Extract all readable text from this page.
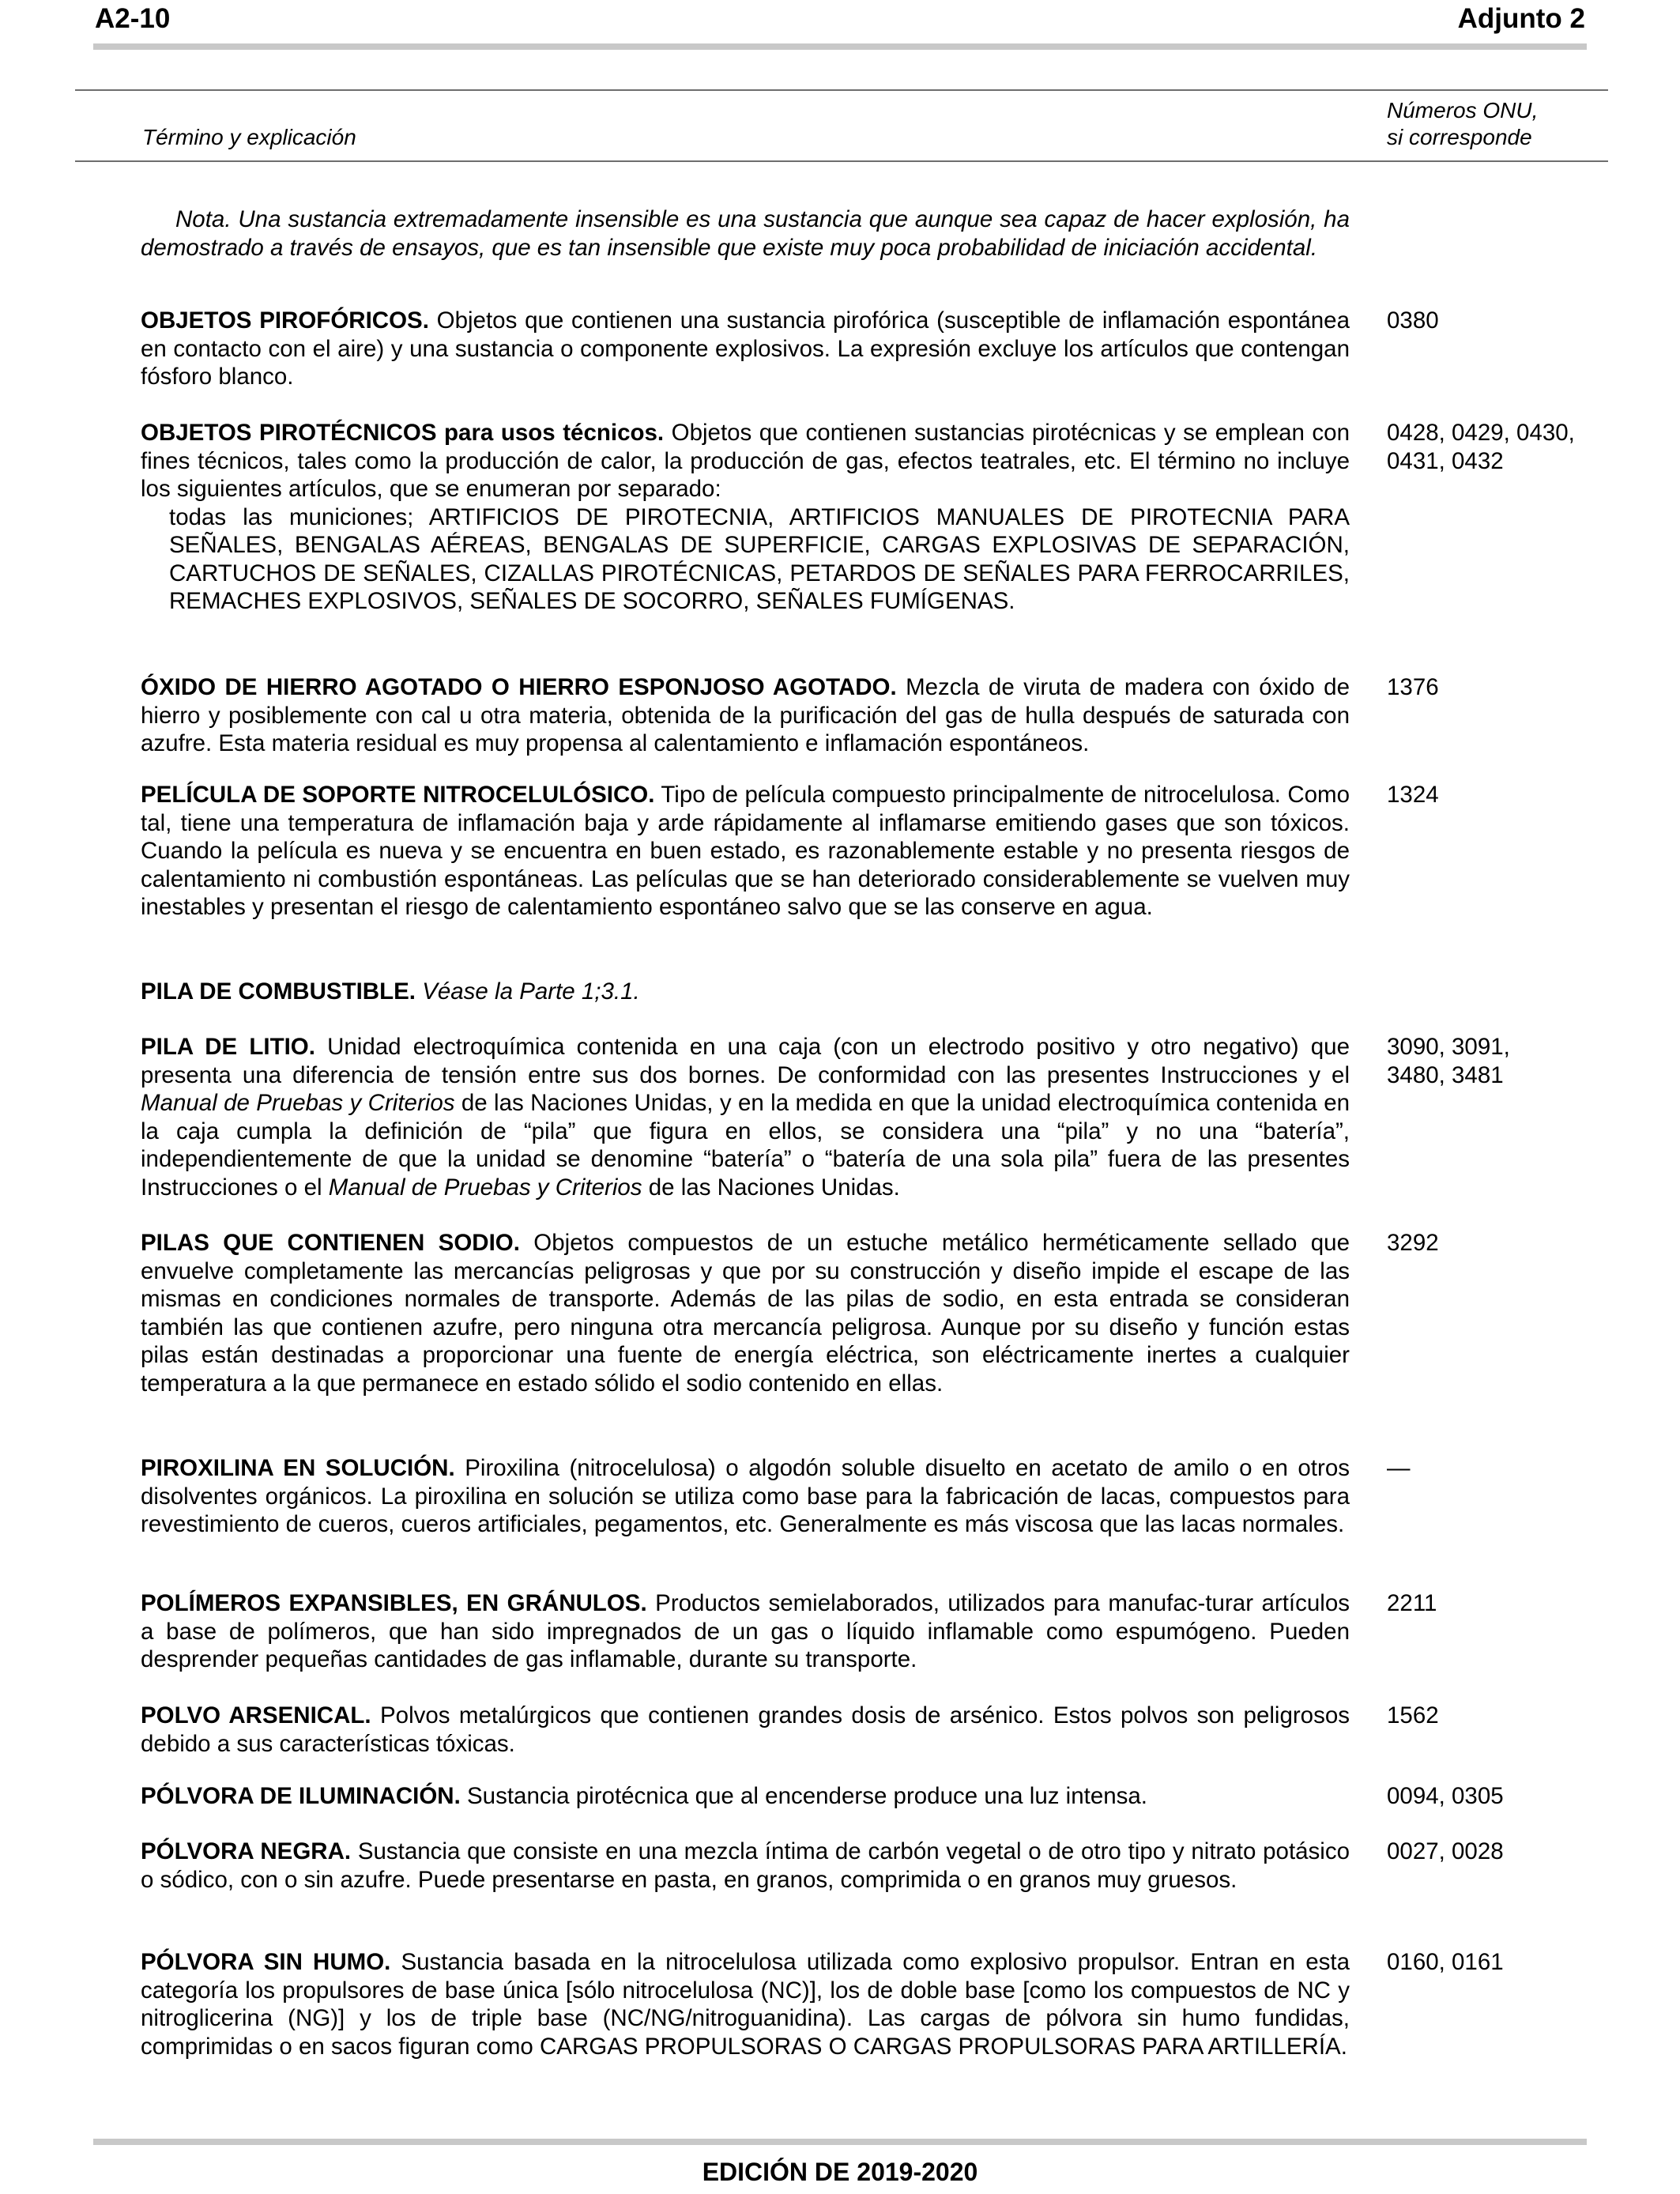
A2-10	Adjunto 2
Término y explicación
Números ONU,
si corresponde

Nota. Una sustancia extremadamente insensible es una sustancia que aunque sea capaz de hacer explosión, ha demostrado a través de ensayos, que es tan insensible que existe muy poca probabilidad de iniciación accidental.

OBJETOS PIROFÓRICOS. Objetos que contienen una sustancia pirofórica (susceptible de inflamación espontánea en contacto con el aire) y una sustancia o componente explosivos. La expresión excluye los artículos que contengan fósforo blanco.

0380

OBJETOS PIROTÉCNICOS para usos técnicos. Objetos que contienen sustancias pirotécnicas y se emplean con fines técnicos, tales como la producción de calor, la producción de gas, efectos teatrales, etc. El término no incluye los siguientes artículos, que se enumeran por separado:
todas las municiones; ARTIFICIOS DE PIROTECNIA, ARTIFICIOS MANUALES DE PIROTECNIA PARA SEÑALES, BENGALAS AÉREAS, BENGALAS DE SUPERFICIE, CARGAS EXPLOSIVAS DE SEPARACIÓN, CARTUCHOS DE SEÑALES, CIZALLAS PIROTÉCNICAS, PETARDOS DE SEÑALES PARA FERROCARRILES, REMACHES EXPLOSIVOS, SEÑALES DE SOCORRO, SEÑALES FUMÍGENAS.

0428, 0429, 0430,
0431, 0432

ÓXIDO DE HIERRO AGOTADO O HIERRO ESPONJOSO AGOTADO. Mezcla de viruta de madera con óxido de hierro y posiblemente con cal u otra materia, obtenida de la purificación del gas de hulla después de saturada con azufre. Esta materia residual es muy propensa al calentamiento e inflamación espontáneos.

1376

PELÍCULA DE SOPORTE NITROCELULÓSICO. Tipo de película compuesto principalmente de nitrocelulosa. Como tal, tiene una temperatura de inflamación baja y arde rápidamente al inflamarse emitiendo gases que son tóxicos. Cuando la película es nueva y se encuentra en buen estado, es razonablemente estable y no presenta riesgos de calentamiento ni combustión espontáneas. Las películas que se han deteriorado considerablemente se vuelven muy inestables y presentan el riesgo de calentamiento espontáneo salvo que se las conserve en agua.

1324

PILA DE COMBUSTIBLE. Véase la Parte 1;3.1.

PILA DE LITIO. Unidad electroquímica contenida en una caja (con un electrodo positivo y otro negativo) que presenta una diferencia de tensión entre sus dos bornes. De conformidad con las presentes Instrucciones y el Manual de Pruebas y Criterios de las Naciones Unidas, y en la medida en que la unidad electroquímica contenida en la caja cumpla la definición de “pila” que figura en ellos, se considera una “pila” y no una “batería”, independientemente de que la unidad se denomine “batería” o “batería de una sola pila” fuera de las presentes Instrucciones o el Manual de Pruebas y Criterios de las Naciones Unidas.

3090, 3091,
3480, 3481

PILAS QUE CONTIENEN SODIO. Objetos compuestos de un estuche metálico herméticamente sellado que envuelve completamente las mercancías peligrosas y que por su construcción y diseño impide el escape de las mismas en condiciones normales de transporte. Además de las pilas de sodio, en esta entrada se consideran también las que contienen azufre, pero ninguna otra mercancía peligrosa. Aunque por su diseño y función estas pilas están destinadas a proporcionar una fuente de energía eléctrica, son eléctricamente inertes a cualquier temperatura a la que permanece en estado sólido el sodio contenido en ellas.

3292

PIROXILINA EN SOLUCIÓN. Piroxilina (nitrocelulosa) o algodón soluble disuelto en acetato de amilo o en otros disolventes orgánicos. La piroxilina en solución se utiliza como base para la fabricación de lacas, compuestos para revestimiento de cueros, cueros artificiales, pegamentos, etc. Generalmente es más viscosa que las lacas normales.

—

POLÍMEROS EXPANSIBLES, EN GRÁNULOS. Productos semielaborados, utilizados para manufac-turar artículos a base de polímeros, que han sido impregnados de un gas o líquido inflamable como espumógeno. Pueden desprender pequeñas cantidades de gas inflamable, durante su transporte.

2211

POLVO ARSENICAL. Polvos metalúrgicos que contienen grandes dosis de arsénico. Estos polvos son peligrosos debido a sus características tóxicas.

1562

PÓLVORA DE ILUMINACIÓN. Sustancia pirotécnica que al encenderse produce una luz intensa.	0094, 0305

PÓLVORA NEGRA. Sustancia que consiste en una mezcla íntima de carbón vegetal o de otro tipo y nitrato potásico o sódico, con o sin azufre. Puede presentarse en pasta, en granos, comprimida o en granos muy gruesos.

0027, 0028

PÓLVORA SIN HUMO. Sustancia basada en la nitrocelulosa utilizada como explosivo propulsor. Entran en esta categoría los propulsores de base única [sólo nitrocelulosa (NC)], los de doble base [como los compuestos de NC y nitroglicerina (NG)] y los de triple base (NC/NG/nitroguanidina). Las cargas de pólvora sin humo fundidas, comprimidas o en sacos figuran como CARGAS PROPULSORAS O CARGAS PROPULSORAS PARA ARTILLERÍA.

0160, 0161
EDICIÓN DE 2019-2020
